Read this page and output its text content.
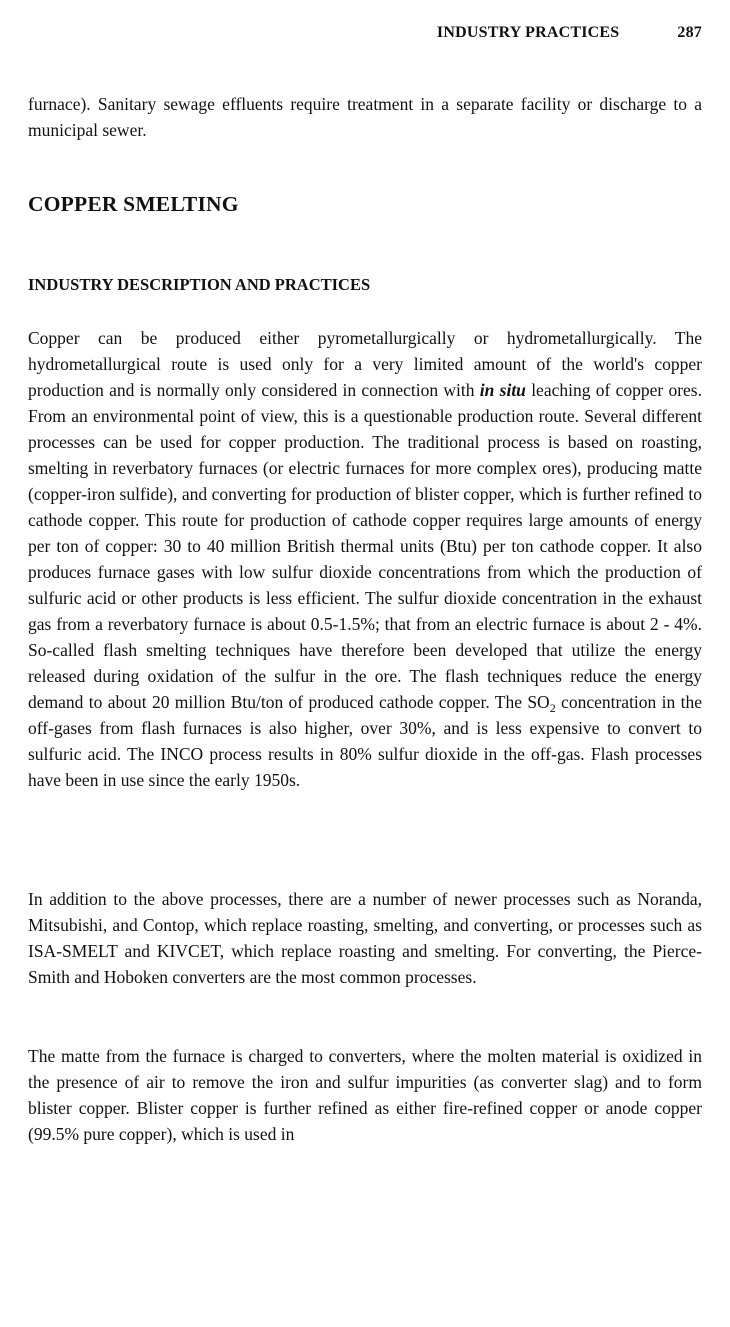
INDUSTRY PRACTICES	287

furnace). Sanitary sewage effluents require treatment in a separate facility or discharge to a municipal sewer.

COPPER SMELTING
INDUSTRY DESCRIPTION AND PRACTICES

Copper can be produced either pyrometallurgically or hydrometallurgically. The hydrometallurgical route is used only for a very limited amount of the world's copper production and is normally only considered in connection with in situ leaching of copper ores. From an environmental point of view, this is a questionable production route. Several different processes can be used for copper production. The traditional process is based on roasting, smelting in reverbatory furnaces (or electric furnaces for more complex ores), producing matte (copper-iron sulfide), and converting for production of blister copper, which is further refined to cathode copper. This route for production of cathode copper requires large amounts of energy per ton of copper: 30 to 40 million British thermal units (Btu) per ton cathode copper. It also produces furnace gases with low sulfur dioxide concentrations from which the production of sulfuric acid or other products is less efficient. The sulfur dioxide concentration in the exhaust gas from a reverbatory furnace is about 0.5-1.5%; that from an electric furnace is about 2 - 4%. So-called flash smelting techniques have therefore been developed that utilize the energy released during oxidation of the sulfur in the ore. The flash techniques reduce the energy demand to about 20 million Btu/ton of produced cathode copper. The $SO_2$ concentration in the off-gases from flash furnaces is also higher, over 30%, and is less expensive to convert to sulfuric acid. The INCO process results in 80% sulfur dioxide in the off-gas. Flash processes have been in use since the early 1950s.

In addition to the above processes, there are a number of newer processes such as Noranda, Mitsubishi, and Contop, which replace roasting, smelting, and converting, or processes such as ISA-SMELT and KIVCET, which replace roasting and smelting. For converting, the Pierce-Smith and Hoboken converters are the most common processes.

The matte from the furnace is charged to converters, where the molten material is oxidized in the presence of air to remove the iron and sulfur impurities (as converter slag) and to form blister copper. Blister copper is further refined as either fire-refined copper or anode copper (99.5% pure copper), which is used in
